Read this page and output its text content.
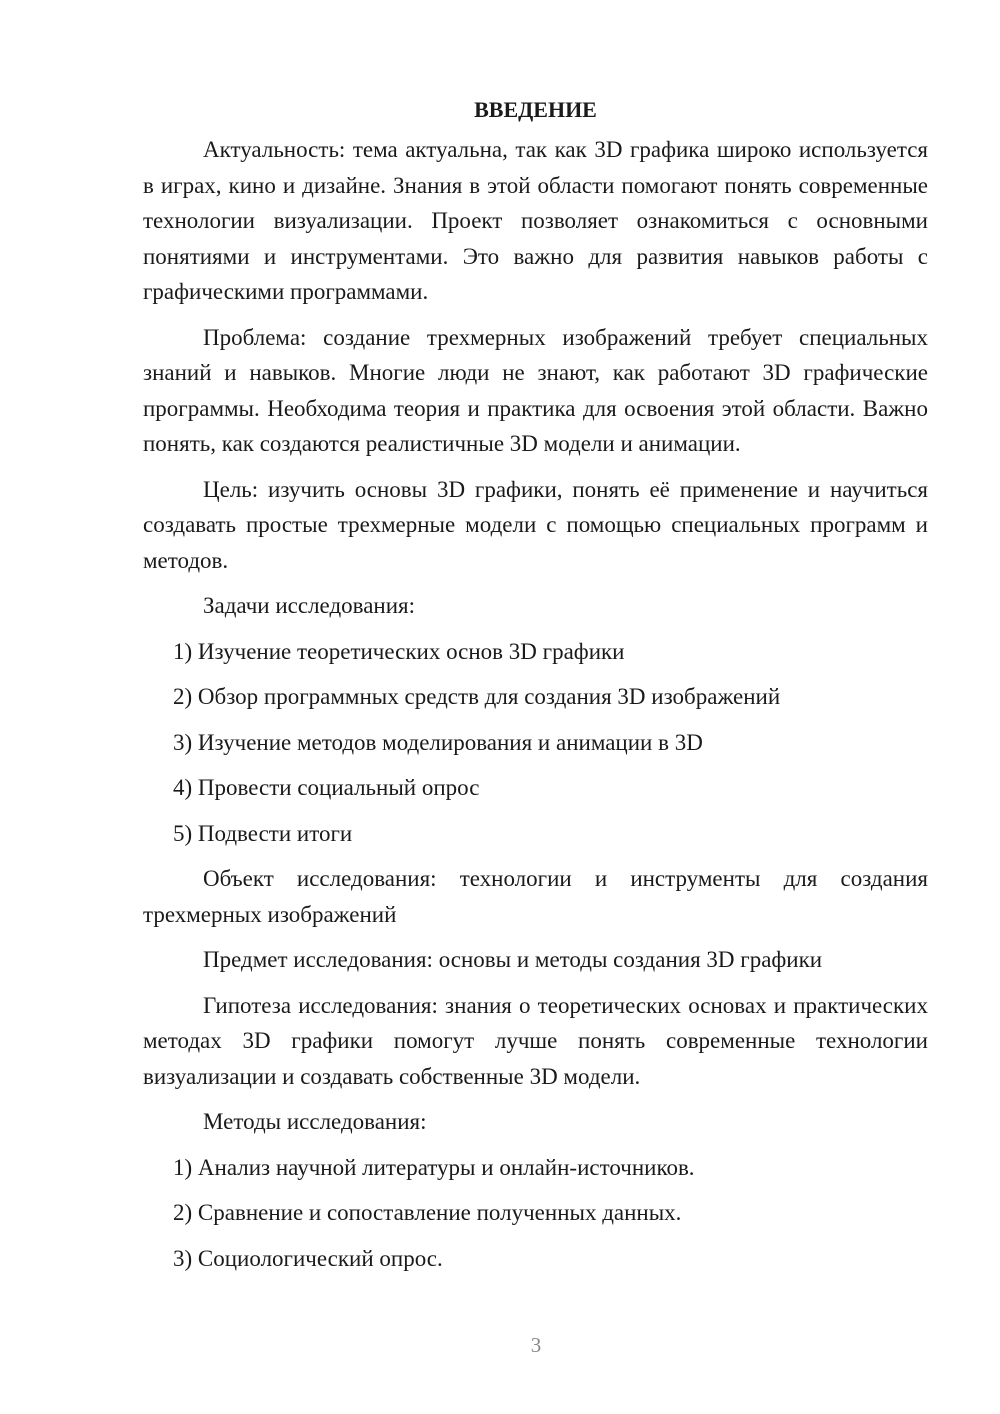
ВВЕДЕНИЕ

Актуальность: тема актуальна, так как 3D графика широко используется в играх, кино и дизайне. Знания в этой области помогают понять современные технологии визуализации. Проект позволяет ознакомиться с основными понятиями и инструментами. Это важно для развития навыков работы с графическими программами.

Проблема: создание трехмерных изображений требует специальных знаний и навыков. Многие люди не знают, как работают 3D графические программы. Необходима теория и практика для освоения этой области. Важно понять, как создаются реалистичные 3D модели и анимации.

Цель: изучить основы 3D графики, понять её применение и научиться создавать простые трехмерные модели с помощью специальных программ и методов.

Задачи исследования:

1) Изучение теоретических основ 3D графики
2) Обзор программных средств для создания 3D изображений
3) Изучение методов моделирования и анимации в 3D
4) Провести социальный опрос
5) Подвести итоги

Объект исследования: технологии и инструменты для создания трехмерных изображений

Предмет исследования: основы и методы создания 3D графики

Гипотеза исследования: знания о теоретических основах и практических методах 3D графики помогут лучше понять современные технологии визуализации и создавать собственные 3D модели.

Методы исследования:

1) Анализ научной литературы и онлайн-источников.
2) Сравнение и сопоставление полученных данных.
3) Социологический опрос.
3
